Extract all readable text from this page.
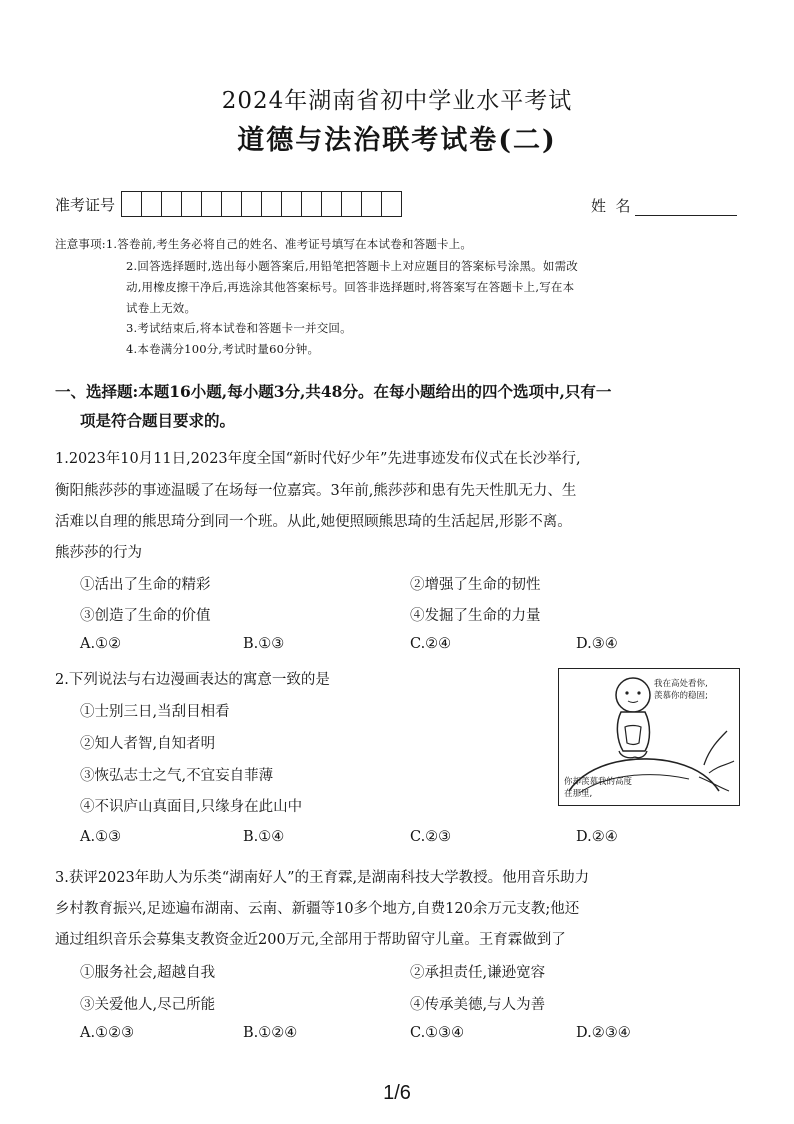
2024年湖南省初中学业水平考试
道德与法治联考试卷(二)
准考证号	姓  名
注意事项:1.答卷前,考生务必将自己的姓名、准考证号填写在本试卷和答题卡上。
2.回答选择题时,选出每小题答案后,用铅笔把答题卡上对应题目的答案标号涂黑。如需改
动,用橡皮擦干净后,再选涂其他答案标号。回答非选择题时,将答案写在答题卡上,写在本
试卷上无效。
3.考试结束后,将本试卷和答题卡一并交回。
4.本卷满分100分,考试时量60分钟。
一、选择题:本题16小题,每小题3分,共48分。在每小题给出的四个选项中,只有一
项是符合题目要求的。
1.2023年10月11日,2023年度全国“新时代好少年”先进事迹发布仪式在长沙举行,
衡阳熊莎莎的事迹温暖了在场每一位嘉宾。3年前,熊莎莎和患有先天性肌无力、生
活难以自理的熊思琦分到同一个班。从此,她便照顾熊思琦的生活起居,形影不离。
熊莎莎的行为
①活出了生命的精彩	②增强了生命的韧性
③创造了生命的价值	④发掘了生命的力量
A.①②	B.①③	C.②④	D.③④
2.下列说法与右边漫画表达的寓意一致的是
①士别三日,当刮目相看
②知人者智,自知者明
③恢弘志士之气,不宜妄自菲薄
④不识庐山真面目,只缘身在此山中
A.①③	B.①④	C.②③	D.②④
我在高处看你,
羡慕你的稳固;
你却羡慕我的高度
在那里,
3.获评2023年助人为乐类“湖南好人”的王育霖,是湖南科技大学教授。他用音乐助力
乡村教育振兴,足迹遍布湖南、云南、新疆等10多个地方,自费120余万元支教;他还
通过组织音乐会募集支教资金近200万元,全部用于帮助留守儿童。王育霖做到了
①服务社会,超越自我	②承担责任,谦逊宽容
③关爱他人,尽己所能	④传承美德,与人为善
A.①②③	B.①②④	C.①③④	D.②③④
1/6
